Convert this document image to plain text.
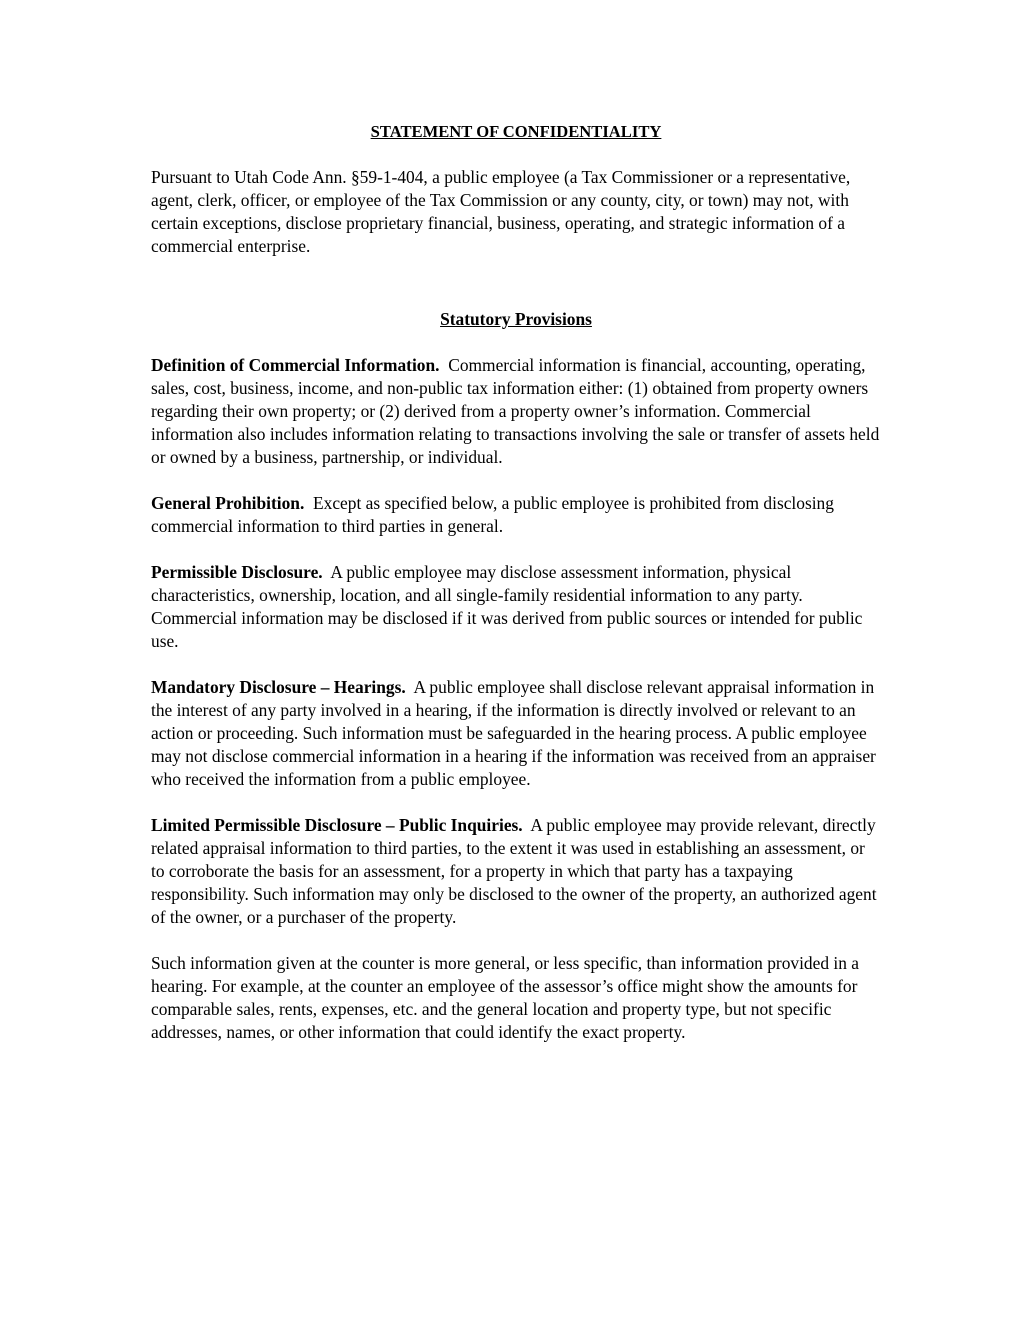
STATEMENT OF CONFIDENTIALITY

Pursuant to Utah Code Ann. §59-1-404, a public employee (a Tax Commissioner or a representative, agent, clerk, officer, or employee of the Tax Commission or any county, city, or town) may not, with certain exceptions, disclose proprietary financial, business, operating, and strategic information of a commercial enterprise.

Statutory Provisions

Definition of Commercial Information. Commercial information is financial, accounting, operating, sales, cost, business, income, and non-public tax information either: (1) obtained from property owners regarding their own property; or (2) derived from a property owner’s information. Commercial information also includes information relating to transactions involving the sale or transfer of assets held or owned by a business, partnership, or individual.

General Prohibition. Except as specified below, a public employee is prohibited from disclosing commercial information to third parties in general.

Permissible Disclosure. A public employee may disclose assessment information, physical characteristics, ownership, location, and all single-family residential information to any party. Commercial information may be disclosed if it was derived from public sources or intended for public use.

Mandatory Disclosure – Hearings. A public employee shall disclose relevant appraisal information in the interest of any party involved in a hearing, if the information is directly involved or relevant to an action or proceeding. Such information must be safeguarded in the hearing process. A public employee may not disclose commercial information in a hearing if the information was received from an appraiser who received the information from a public employee.

Limited Permissible Disclosure – Public Inquiries. A public employee may provide relevant, directly related appraisal information to third parties, to the extent it was used in establishing an assessment, or to corroborate the basis for an assessment, for a property in which that party has a taxpaying responsibility. Such information may only be disclosed to the owner of the property, an authorized agent of the owner, or a purchaser of the property.

Such information given at the counter is more general, or less specific, than information provided in a hearing. For example, at the counter an employee of the assessor’s office might show the amounts for comparable sales, rents, expenses, etc. and the general location and property type, but not specific addresses, names, or other information that could identify the exact property.
